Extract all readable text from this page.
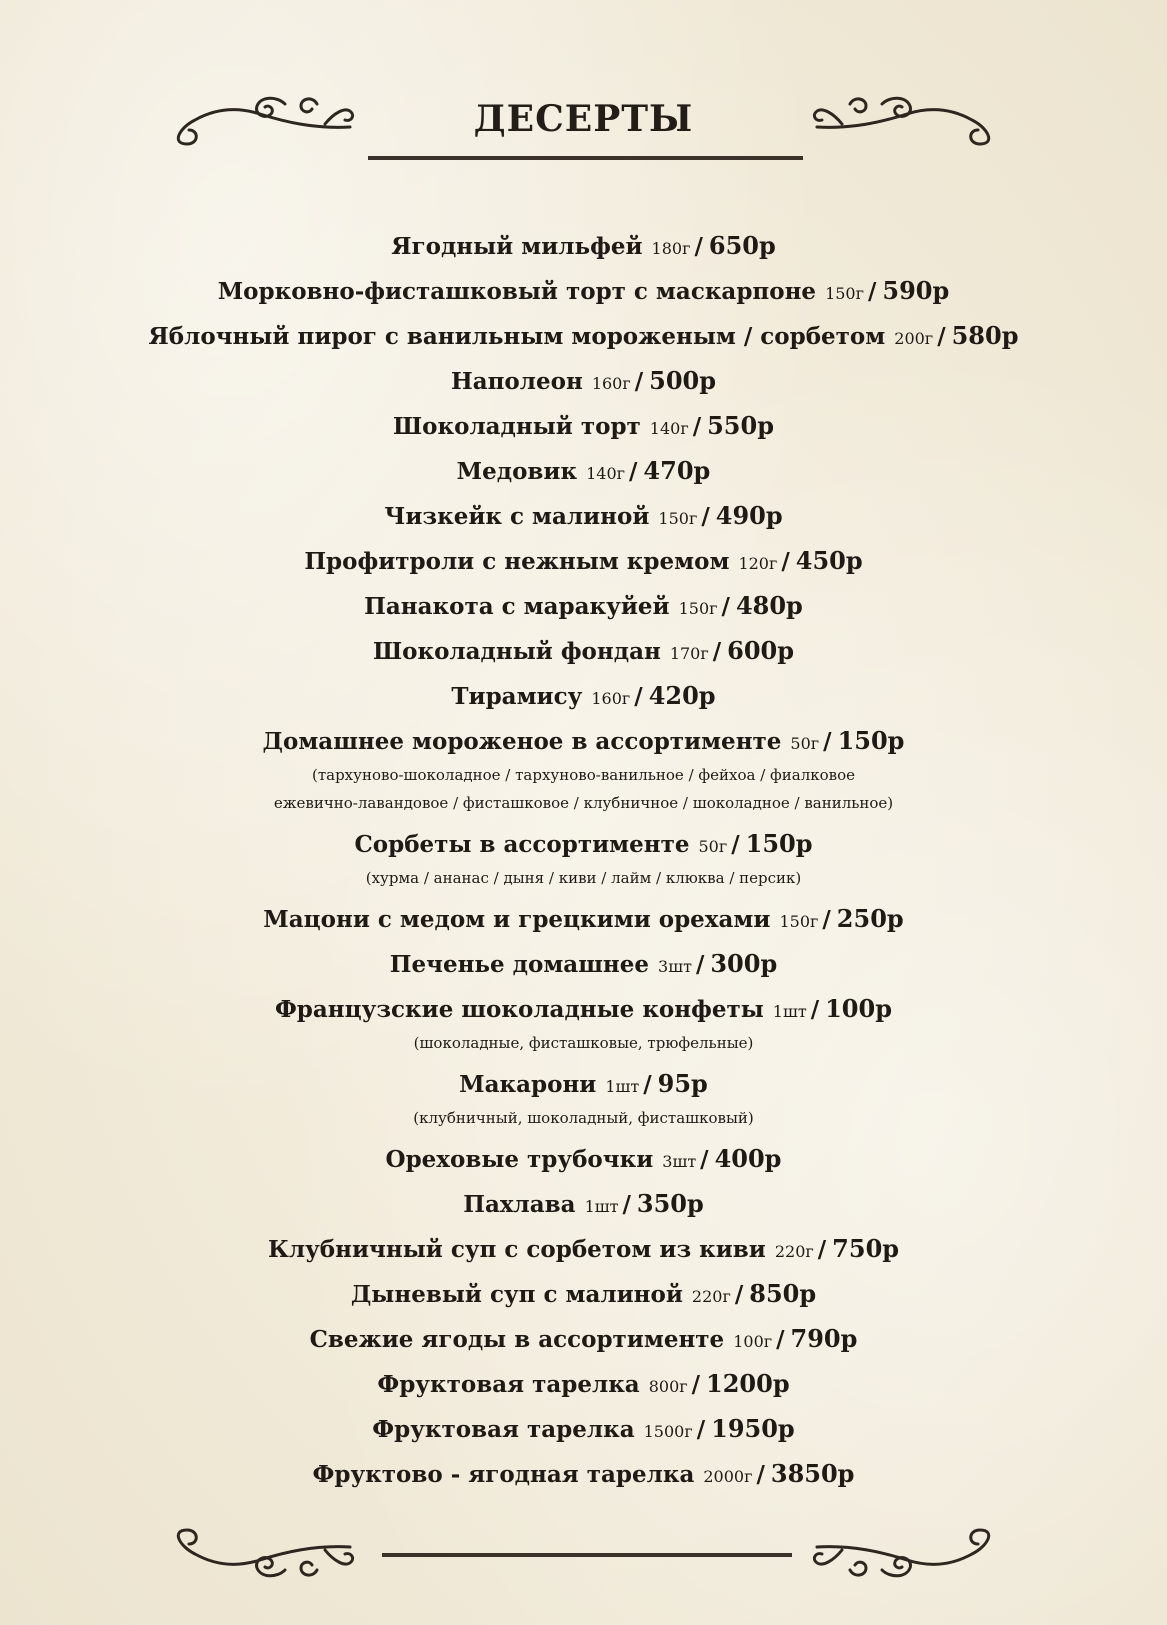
ДЕСЕРТЫ
Ягодный мильфей 180г / 650р
Морковно-фисташковый торт с маскарпоне 150г / 590р
Яблочный пирог с ванильным мороженым / сорбетом 200г / 580р
Наполеон 160г / 500р
Шоколадный торт 140г / 550р
Медовик 140г / 470р
Чизкейк с малиной 150г / 490р
Профитроли с нежным кремом 120г / 450р
Панакота с маракуйей 150г / 480р
Шоколадный фондан 170г / 600р
Тирамису 160г / 420р
Домашнее мороженое в ассортименте 50г / 150р
(тархуново-шоколадное / тархуново-ванильное / фейхоа / фиалковое
ежевично-лавандовое / фисташковое / клубничное / шоколадное / ванильное)
Сорбеты в ассортименте 50г / 150р
(хурма / ананас / дыня / киви / лайм / клюква / персик)
Мацони с медом и грецкими орехами 150г / 250р
Печенье домашнее 3шт / 300р
Французские шоколадные конфеты 1шт / 100р
(шоколадные, фисташковые, трюфельные)
Макарони 1шт / 95р
(клубничный, шоколадный, фисташковый)
Ореховые трубочки 3шт / 400р
Пахлава 1шт / 350р
Клубничный суп с сорбетом из киви 220г / 750р
Дыневый суп с малиной 220г / 850р
Свежие ягоды в ассортименте 100г / 790р
Фруктовая тарелка 800г / 1200р
Фруктовая тарелка 1500г / 1950р
Фруктово - ягодная тарелка 2000г / 3850р
